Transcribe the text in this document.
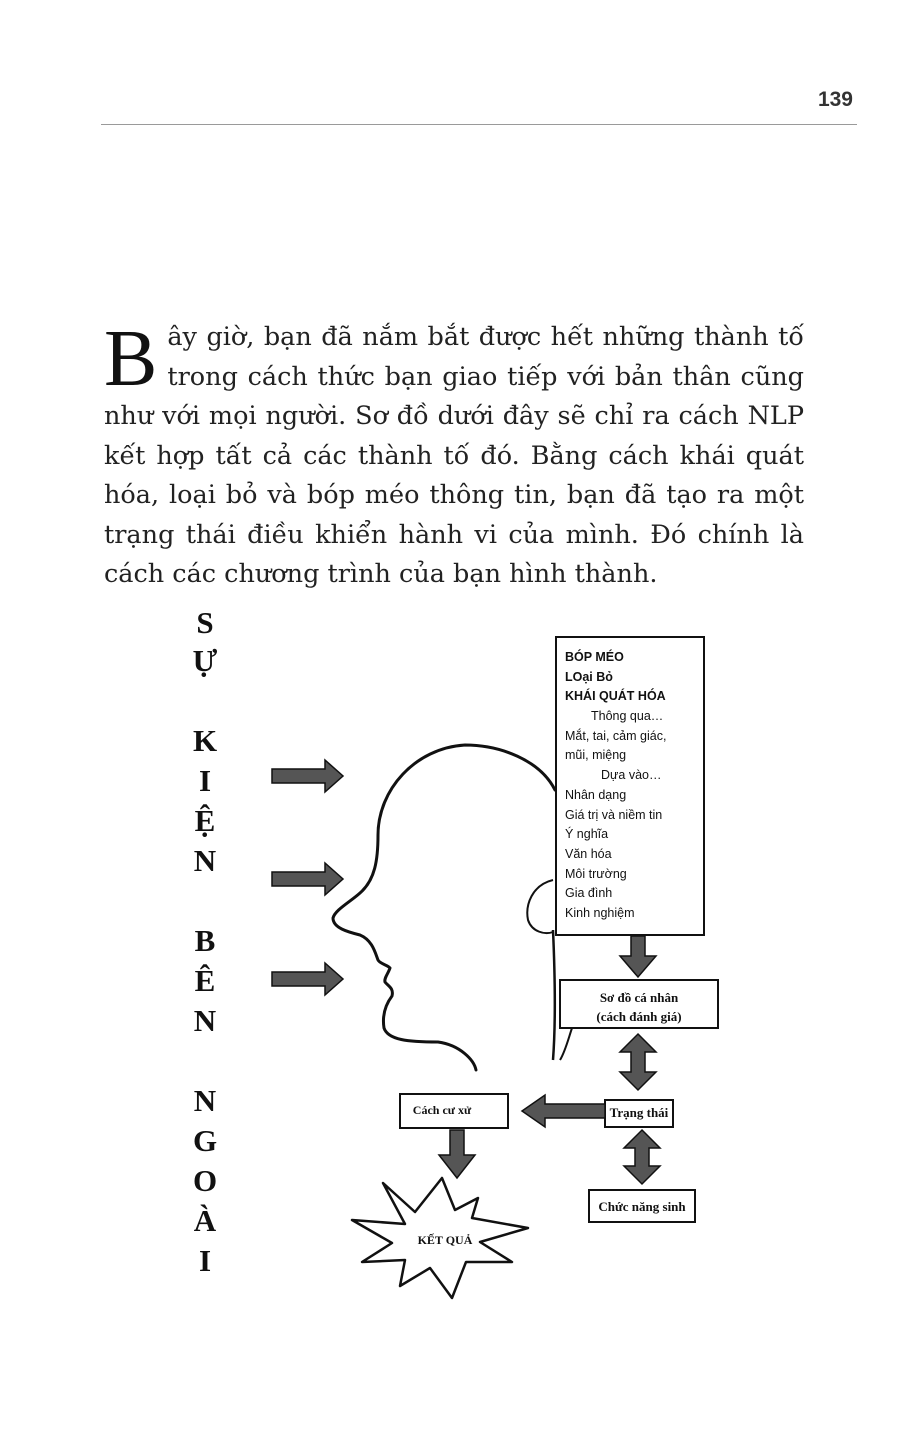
139

Bây giờ, bạn đã nắm bắt được hết những thành tố trong cách thức bạn giao tiếp với bản thân cũng như với mọi người. Sơ đồ dưới đây sẽ chỉ ra cách NLP kết hợp tất cả các thành tố đó. Bằng cách khái quát hóa, loại bỏ và bóp méo thông tin, bạn đã tạo ra một trạng thái điều khiển hành vi của mình. Đó chính là cách các chương trình của bạn hình thành.

S
Ự
K
I
Ệ
N
B
Ê
N
N
G
O
À
I
BÓP MÉO
LOại Bỏ
KHÁI QUÁT HÓA
Thông qua…
Mắt, tai, cảm giác,
mũi, miệng
Dựa vào…
Nhân dạng
Giá trị và niềm tin
Ý nghĩa
Văn hóa
Môi trường
Gia đình
Kinh nghiệm
Sơ đồ cá nhân
(cách đánh giá)
Trạng thái
Cách cư xử
Chức năng sinh
KẾT QUẢ
